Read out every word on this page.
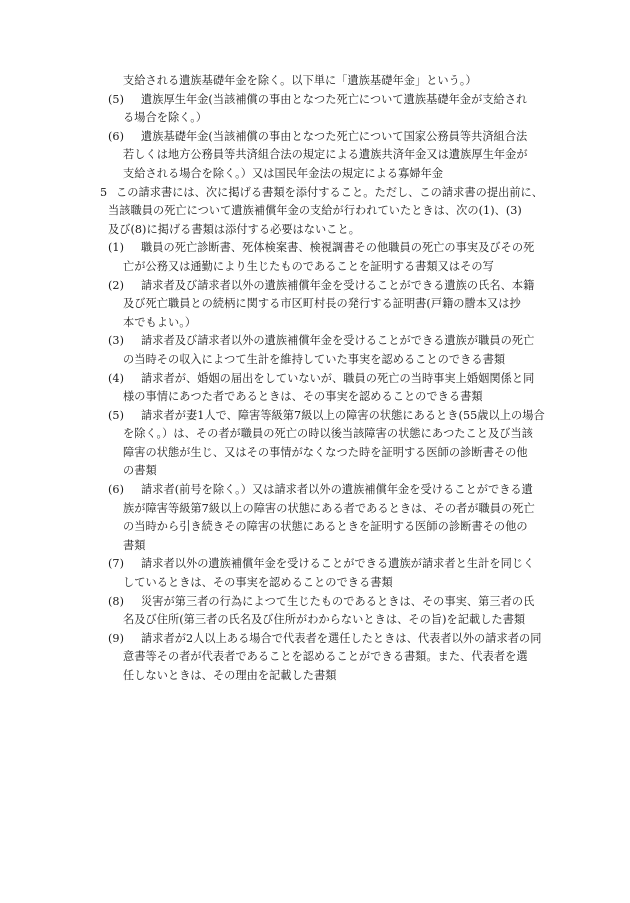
支給される遺族基礎年金を除く。以下単に「遺族基礎年金」という。）
(5)	遺族厚生年金(当該補償の事由となつた死亡について遺族基礎年金が支給され
る場合を除く。）
(6)	遺族基礎年金(当該補償の事由となつた死亡について国家公務員等共済組合法
若しくは地方公務員等共済組合法の規定による遺族共済年金又は遺族厚生年金が
支給される場合を除く。）又は国民年金法の規定による寡婦年金
5 この請求書には、次に掲げる書類を添付すること。ただし、この請求書の提出前に、
当該職員の死亡について遺族補償年金の支給が行われていたときは、次の(1)、(3)
及び(8)に掲げる書類は添付する必要はないこと。
(1)	職員の死亡診断書、死体検案書、検視調書その他職員の死亡の事実及びその死
亡が公務又は通勤により生じたものであることを証明する書類又はその写
(2)	請求者及び請求者以外の遺族補償年金を受けることができる遺族の氏名、本籍
及び死亡職員との続柄に関する市区町村長の発行する証明書(戸籍の謄本又は抄
本でもよい。）
(3)	請求者及び請求者以外の遺族補償年金を受けることができる遺族が職員の死亡
の当時その収入によつて生計を維持していた事実を認めることのできる書類
(4)	請求者が、婚姻の届出をしていないが、職員の死亡の当時事実上婚姻関係と同
様の事情にあつた者であるときは、その事実を認めることのできる書類
(5)	請求者が妻1人で、障害等級第7級以上の障害の状態にあるとき(55歳以上の場合
を除く。）は、その者が職員の死亡の時以後当該障害の状態にあつたこと及び当該
障害の状態が生じ、又はその事情がなくなつた時を証明する医師の診断書その他
の書類
(6)	請求者(前号を除く。）又は請求者以外の遺族補償年金を受けることができる遺
族が障害等級第7級以上の障害の状態にある者であるときは、その者が職員の死亡
の当時から引き続きその障害の状態にあるときを証明する医師の診断書その他の
書類
(7)	請求者以外の遺族補償年金を受けることができる遺族が請求者と生計を同じく
しているときは、その事実を認めることのできる書類
(8)	災害が第三者の行為によつて生じたものであるときは、その事実、第三者の氏
名及び住所(第三者の氏名及び住所がわからないときは、その旨)を記載した書類
(9)	請求者が2人以上ある場合で代表者を選任したときは、代表者以外の請求者の同
意書等その者が代表者であることを認めることができる書類。また、代表者を選
任しないときは、その理由を記載した書類
